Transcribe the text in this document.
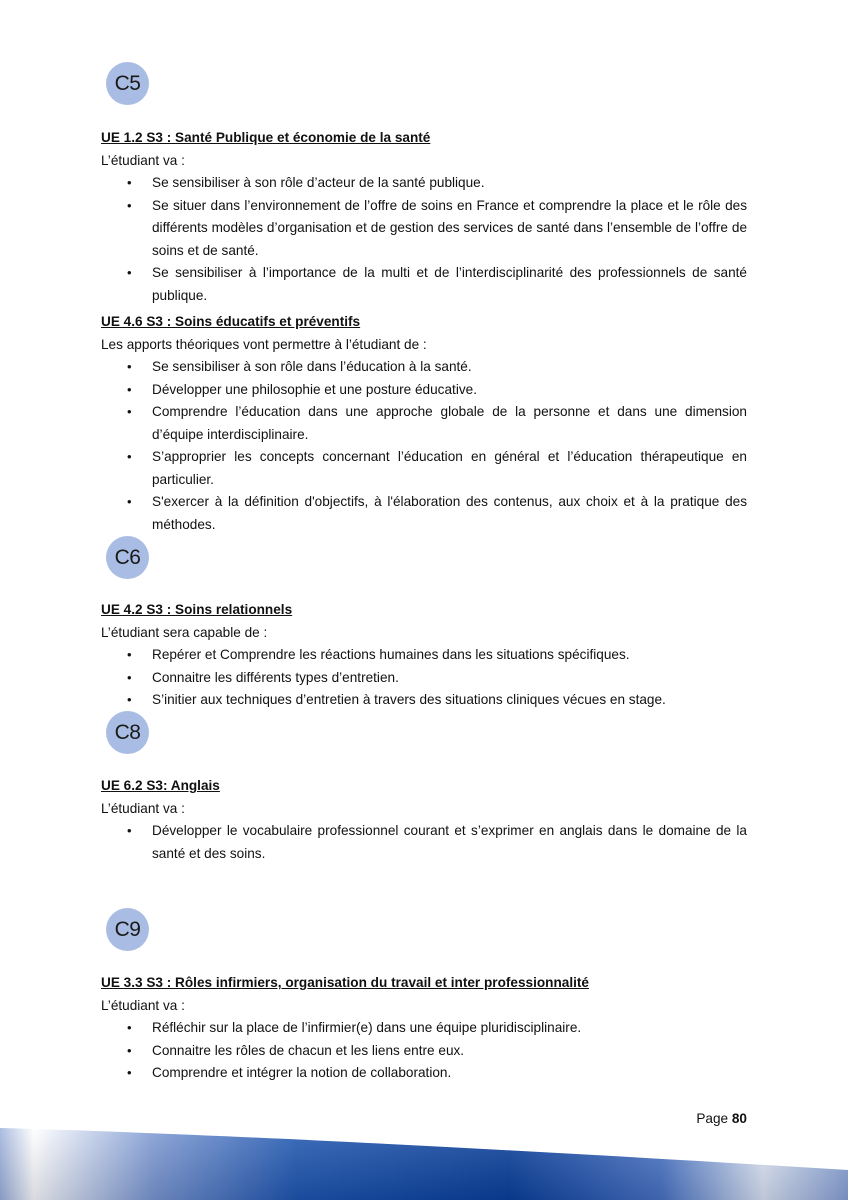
C5
UE 1.2 S3 : Santé Publique et économie de la santé
L’étudiant va :
• Se sensibiliser à son rôle d’acteur de la santé publique.
• Se situer dans l’environnement de l’offre de soins en France et comprendre la place et le rôle des différents modèles d’organisation et de gestion des services de santé dans l’ensemble de l’offre de soins et de santé.
• Se sensibiliser à l’importance de la multi et de l’interdisciplinarité des professionnels de santé publique.
UE 4.6 S3 : Soins éducatifs et préventifs
Les apports théoriques vont permettre à l’étudiant de :
• Se sensibiliser à son rôle dans l’éducation à la santé.
• Développer une philosophie et une posture éducative.
• Comprendre l’éducation dans une approche globale de la personne et dans une dimension d’équipe interdisciplinaire.
• S’approprier les concepts concernant l’éducation en général et l’éducation thérapeutique en particulier.
• S'exercer à la définition d'objectifs, à l'élaboration des contenus, aux choix et à la pratique des méthodes.
C6
UE 4.2 S3 : Soins relationnels
L’étudiant sera capable de :
• Repérer et Comprendre les réactions humaines dans les situations spécifiques.
• Connaitre les différents types d’entretien.
• S’initier aux techniques d’entretien à travers des situations cliniques vécues en stage.
C8
UE 6.2 S3: Anglais
L’étudiant va :
• Développer le vocabulaire professionnel courant et s’exprimer en anglais dans le domaine de la santé et des soins.
C9
UE 3.3 S3 : Rôles infirmiers, organisation du travail et inter professionnalité
L’étudiant va :
• Réfléchir sur la place de l’infirmier(e) dans une équipe pluridisciplinaire.
• Connaitre les rôles de chacun et les liens entre eux.
• Comprendre et intégrer la notion de collaboration.
Page 80
